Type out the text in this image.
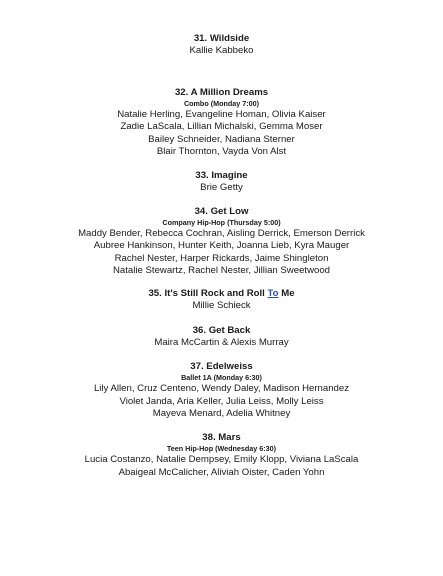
31. Wildside
Kallie Kabbeko
32. A Million Dreams
Combo (Monday 7:00)
Natalie Herling, Evangeline Homan, Olivia Kaiser
Zadie LaScala, Lillian Michalski, Gemma Moser
Bailey Schneider, Nadiana Sterner
Blair Thornton, Vayda Von Alst
33. Imagine
Brie Getty
34. Get Low
Company Hip-Hop (Thursday 5:00)
Maddy Bender, Rebecca Cochran, Aisling Derrick, Emerson Derrick
Aubree Hankinson, Hunter Keith, Joanna Lieb, Kyra Mauger
Rachel Nester, Harper Rickards, Jaime Shingleton
Natalie Stewartz, Rachel Nester, Jillian Sweetwood
35. It's Still Rock and Roll To Me
Millie Schieck
36. Get Back
Maira McCartin & Alexis Murray
37. Edelweiss
Ballet 1A (Monday 6:30)
Lily Allen, Cruz Centeno, Wendy Daley, Madison Hernandez
Violet Janda, Aria Keller, Julia Leiss, Molly Leiss
Mayeva Menard, Adelia Whitney
38. Mars
Teen Hip-Hop (Wednesday 6:30)
Lucia Costanzo, Natalie Dempsey, Emily Klopp, Viviana LaScala
Abaigeal McCalicher, Aliviah Oister, Caden Yohn
